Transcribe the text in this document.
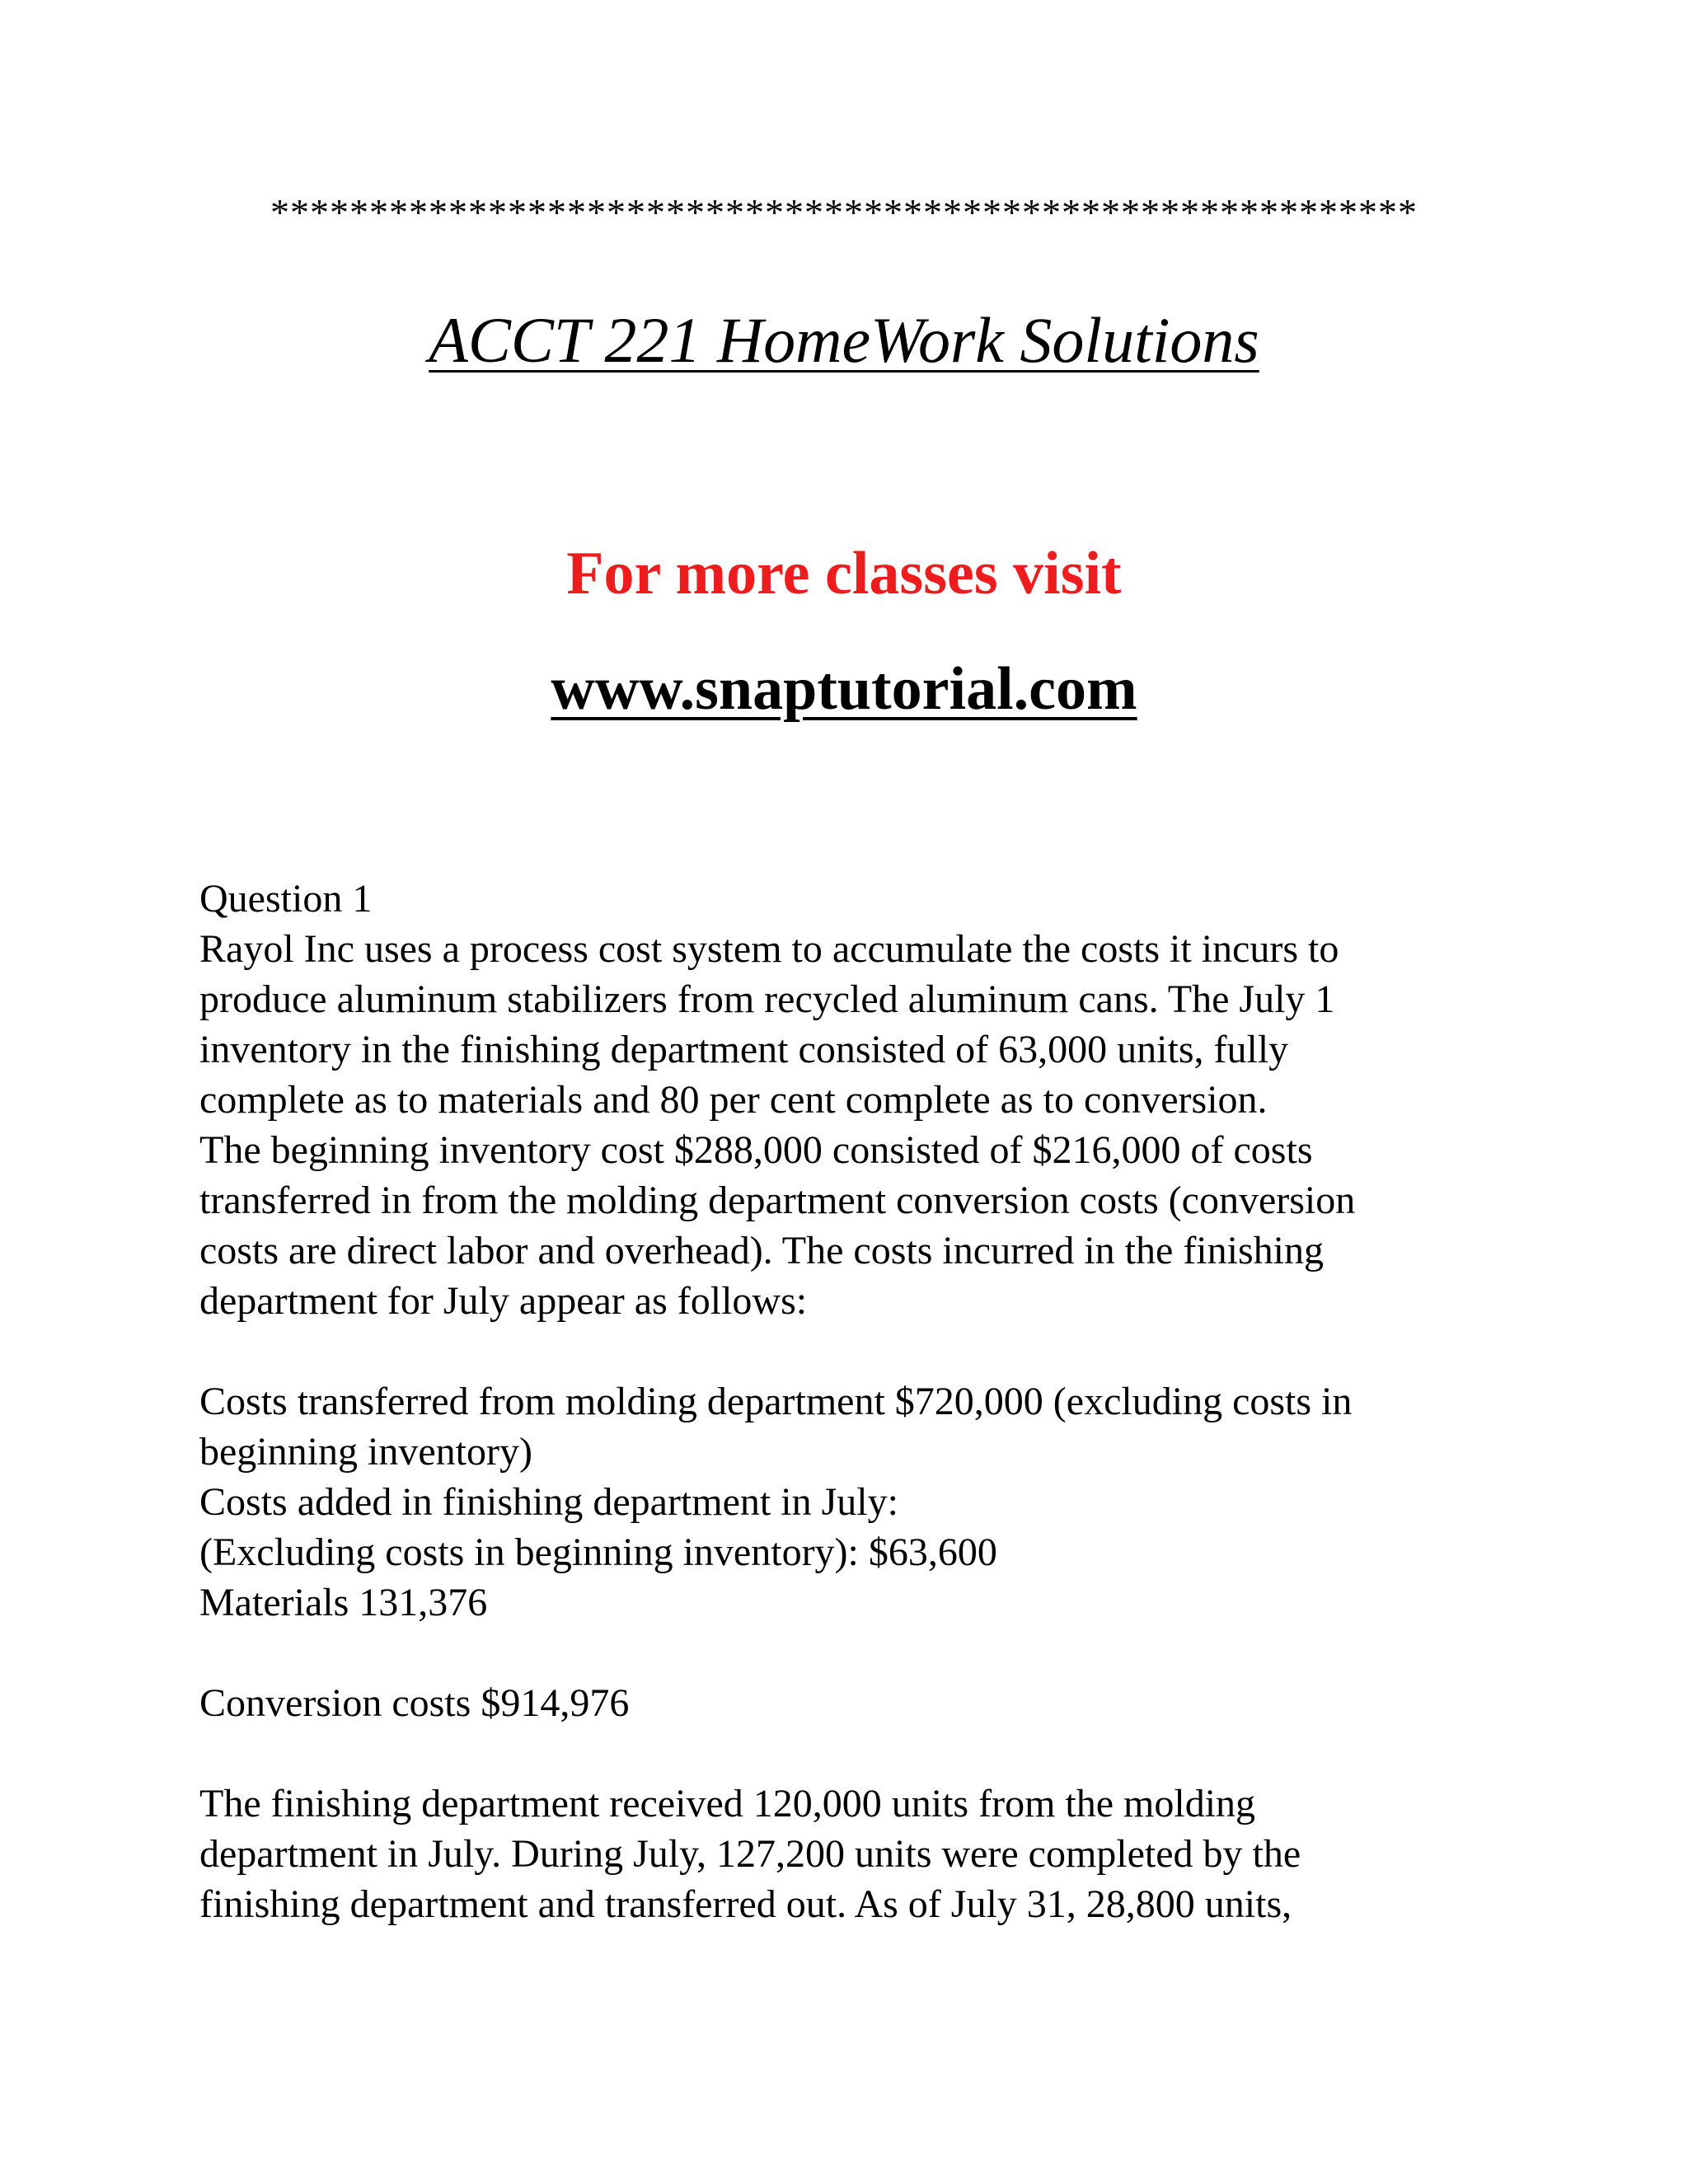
**********************************************************
ACCT 221 HomeWork Solutions
For more classes visit
www.snaptutorial.com
Question 1
Rayol Inc uses a process cost system to accumulate the costs it incurs to
produce aluminum stabilizers from recycled aluminum cans. The July 1
inventory in the finishing department consisted of 63,000 units, fully
complete as to materials and 80 per cent complete as to conversion.
The beginning inventory cost $288,000 consisted of $216,000 of costs
transferred in from the molding department conversion costs (conversion
costs are direct labor and overhead). The costs incurred in the finishing
department for July appear as follows:
Costs transferred from molding department $720,000 (excluding costs in
beginning inventory)
Costs added in finishing department in July:
(Excluding costs in beginning inventory): $63,600
Materials 131,376
Conversion costs $914,976
The finishing department received 120,000 units from the molding
department in July. During July, 127,200 units were completed by the
finishing department and transferred out. As of July 31, 28,800 units,
